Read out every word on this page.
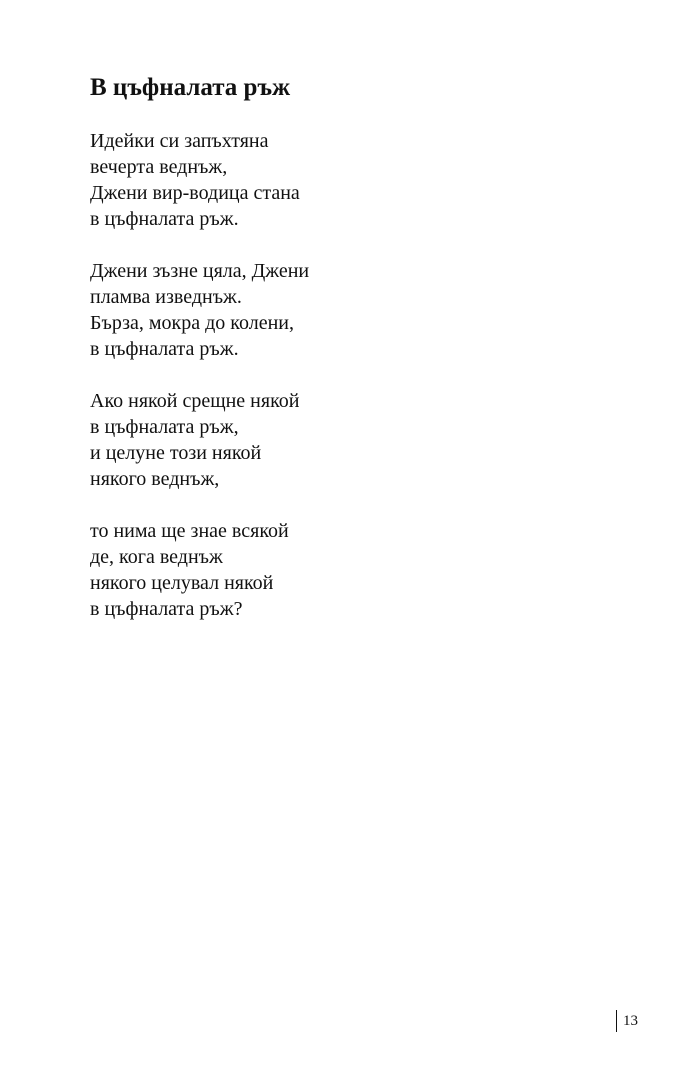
В цъфналата ръж
Идейки си запъхтяна
вечерта веднъж,
Джени вир-водица стана
в цъфналата ръж.
Джени зъзне цяла, Джени
пламва изведнъж.
Бърза, мокра до колени,
в цъфналата ръж.
Ако някой срещне някой
в цъфналата ръж,
и целуне този някой
някого веднъж,
то нима ще знае всякой
де, кога веднъж
някого целувал някой
в цъфналата ръж?
13
